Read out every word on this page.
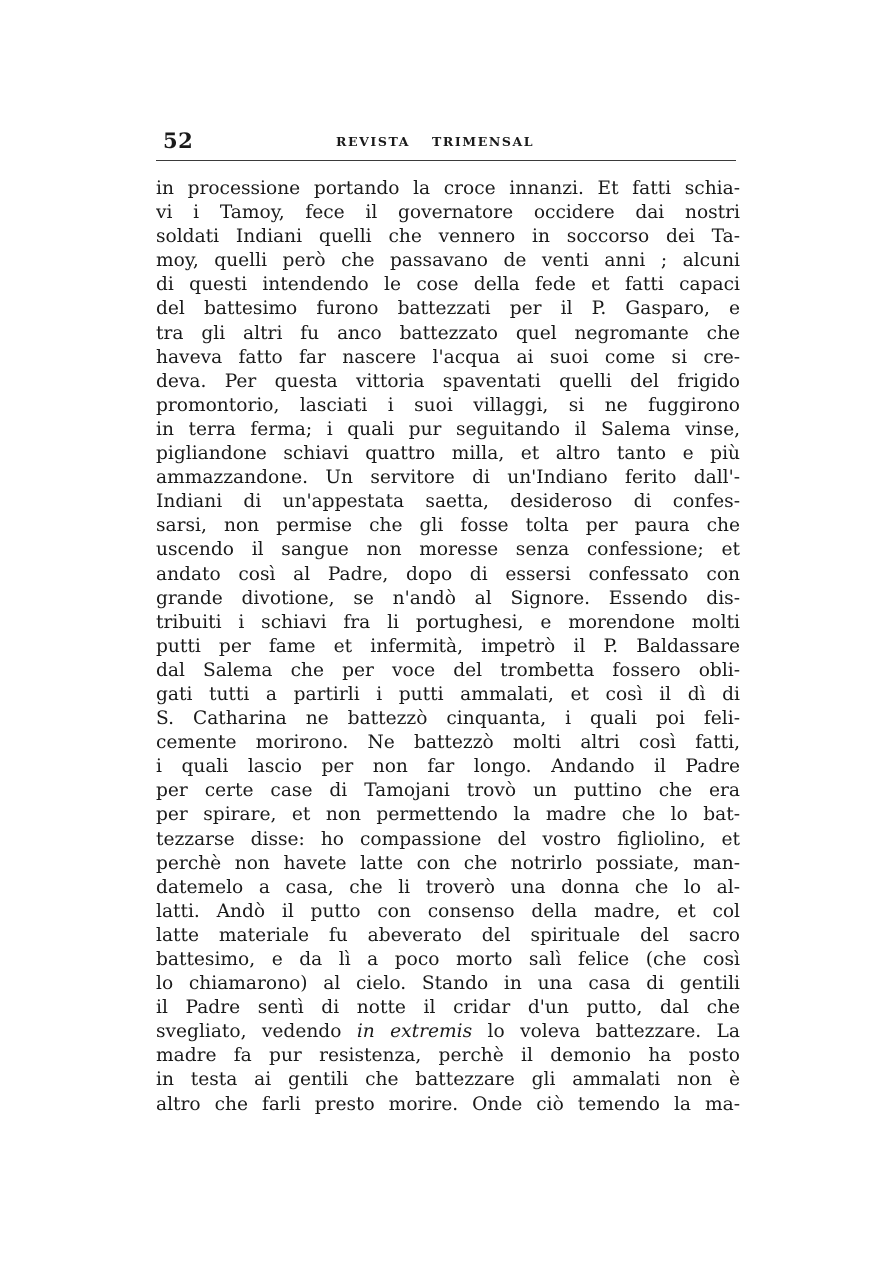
52	REVISTA TRIMENSAL
in processione portando la croce innanzi. Et fatti schia-
vi i Tamoy, fece il governatore occidere dai nostri
soldati Indiani quelli che vennero in soccorso dei Ta-
moy, quelli però che passavano de venti anni ; alcuni
di questi intendendo le cose della fede et fatti capaci
del battesimo furono battezzati per il P. Gasparo, e
tra gli altri fu anco battezzato quel negromante che
haveva fatto far nascere l'acqua ai suoi come si cre-
deva. Per questa vittoria spaventati quelli del frigido
promontorio, lasciati i suoi villaggi, si ne fuggirono
in terra ferma; i quali pur seguitando il Salema vinse,
pigliandone schiavi quattro milla, et altro tanto e più
ammazzandone. Un servitore di un'Indiano ferito dall'-
Indiani di un'appestata saetta, desideroso di confes-
sarsi, non permise che gli fosse tolta per paura che
uscendo il sangue non moresse senza confessione; et
andato così al Padre, dopo di essersi confessato con
grande divotione, se n'andò al Signore. Essendo dis-
tribuiti i schiavi fra li portughesi, e morendone molti
putti per fame et infermità, impetrò il P. Baldassare
dal Salema che per voce del trombetta fossero obli-
gati tutti a partirli i putti ammalati, et così il dì di
S. Catharina ne battezzò cinquanta, i quali poi feli-
cemente morirono. Ne battezzò molti altri così fatti,
i quali lascio per non far longo. Andando il Padre
per certe case di Tamojani trovò un puttino che era
per spirare, et non permettendo la madre che lo bat-
tezzarse disse: ho compassione del vostro figliolino, et
perchè non havete latte con che notrirlo possiate, man-
datemelo a casa, che li troverò una donna che lo al-
latti. Andò il putto con consenso della madre, et col
latte materiale fu abeverato del spirituale del sacro
battesimo, e da lì a poco morto salì felice (che così
lo chiamarono) al cielo. Stando in una casa di gentili
il Padre sentì di notte il cridar d'un putto, dal che
svegliato, vedendo in extremis lo voleva battezzare. La
madre fa pur resistenza, perchè il demonio ha posto
in testa ai gentili che battezzare gli ammalati non è
altro che farli presto morire. Onde ciò temendo la ma-
